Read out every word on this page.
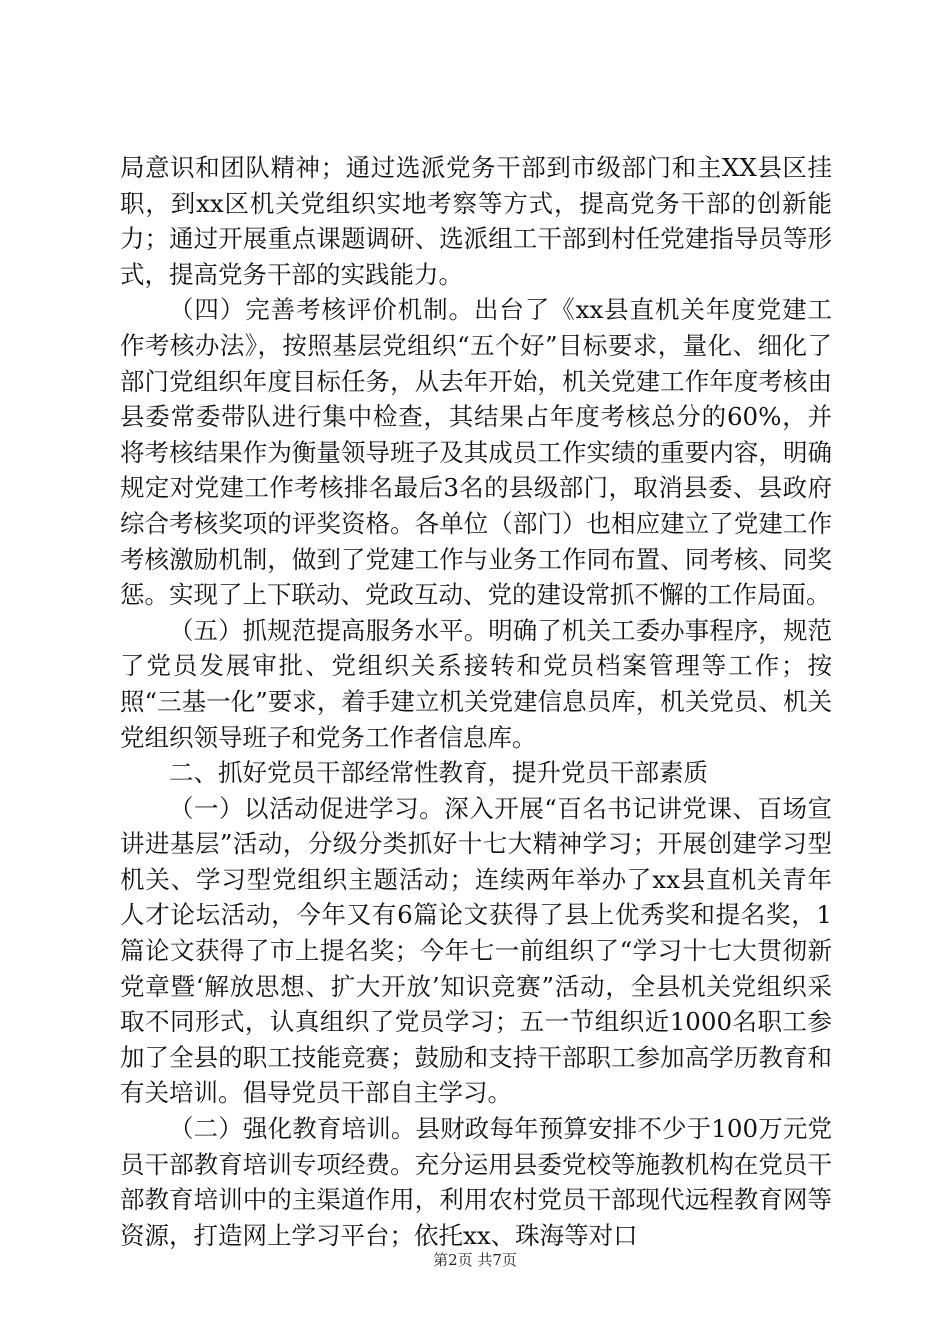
局意识和团队精神；通过选派党务干部到市级部门和主XX县区挂职，到xx区机关党组织实地考察等方式，提高党务干部的创新能力；通过开展重点课题调研、选派组工干部到村任党建指导员等形式，提高党务干部的实践能力。

（四）完善考核评价机制。出台了《xx县直机关年度党建工作考核办法》，按照基层党组织“五个好”目标要求，量化、细化了部门党组织年度目标任务，从去年开始，机关党建工作年度考核由县委常委带队进行集中检查，其结果占年度考核总分的60%，并将考核结果作为衡量领导班子及其成员工作实绩的重要内容，明确规定对党建工作考核排名最后3名的县级部门，取消县委、县政府综合考核奖项的评奖资格。各单位（部门）也相应建立了党建工作考核激励机制，做到了党建工作与业务工作同布置、同考核、同奖惩。实现了上下联动、党政互动、党的建设常抓不懈的工作局面。

（五）抓规范提高服务水平。明确了机关工委办事程序，规范了党员发展审批、党组织关系接转和党员档案管理等工作；按照“三基一化”要求，着手建立机关党建信息员库，机关党员、机关党组织领导班子和党务工作者信息库。

二、抓好党员干部经常性教育，提升党员干部素质

（一）以活动促进学习。深入开展“百名书记讲党课、百场宣讲进基层”活动，分级分类抓好十七大精神学习；开展创建学习型机关、学习型党组织主题活动；连续两年举办了xx县直机关青年人才论坛活动，今年又有6篇论文获得了县上优秀奖和提名奖，1篇论文获得了市上提名奖；今年七一前组织了“学习十七大贯彻新党章暨‘解放思想、扩大开放’知识竞赛”活动，全县机关党组织采取不同形式，认真组织了党员学习；五一节组织近1000名职工参加了全县的职工技能竞赛；鼓励和支持干部职工参加高学历教育和有关培训。倡导党员干部自主学习。

（二）强化教育培训。县财政每年预算安排不少于100万元党员干部教育培训专项经费。充分运用县委党校等施教机构在党员干部教育培训中的主渠道作用，利用农村党员干部现代远程教育网等资源，打造网上学习平台；依托xx、珠海等对口

第2页 共7页
